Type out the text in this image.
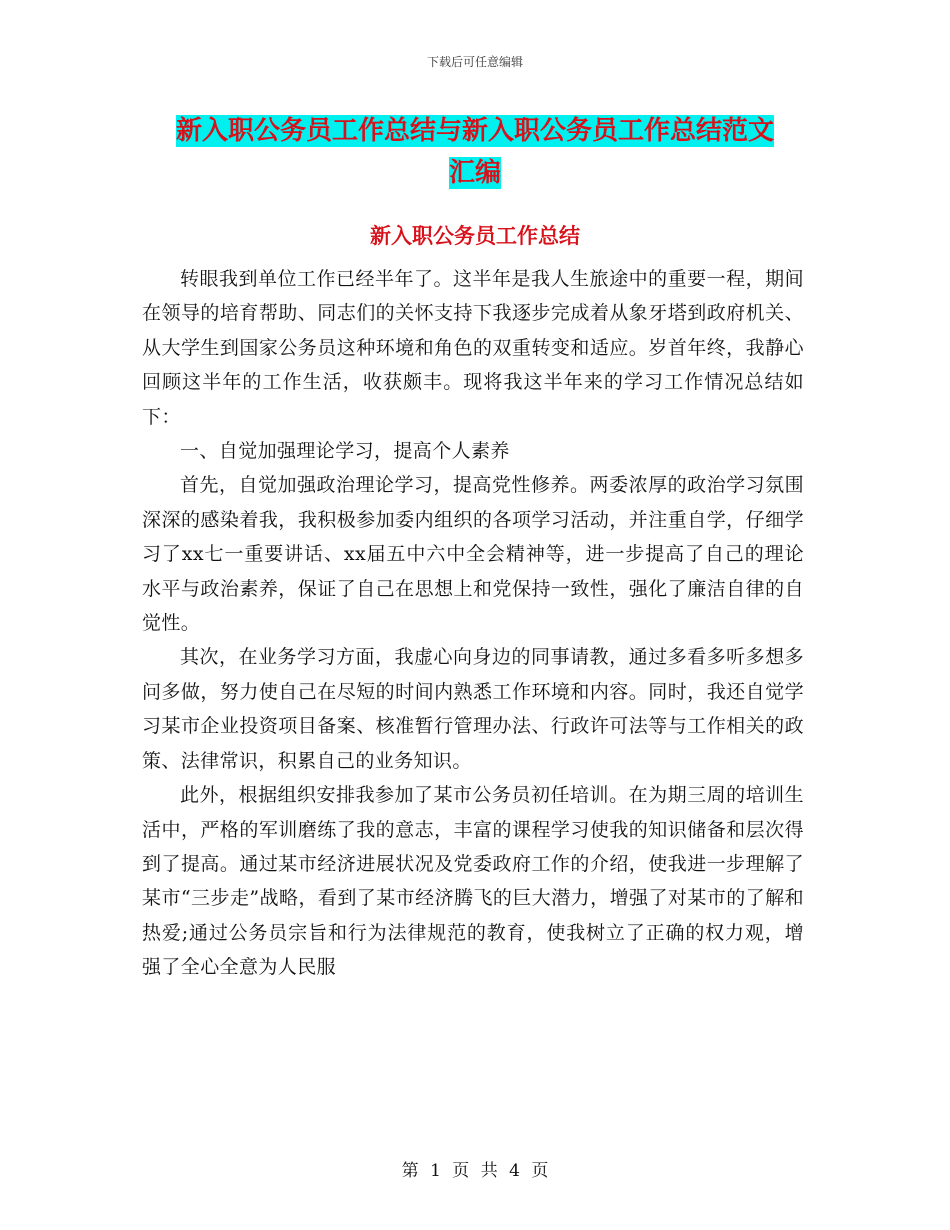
下载后可任意编辑
新入职公务员工作总结与新入职公务员工作总结范文
汇编
新入职公务员工作总结

转眼我到单位工作已经半年了。这半年是我人生旅途中的重要一程，期间在领导的培育帮助、同志们的关怀支持下我逐步完成着从象牙塔到政府机关、从大学生到国家公务员这种环境和角色的双重转变和适应。岁首年终，我静心回顾这半年的工作生活，收获颇丰。现将我这半年来的学习工作情况总结如下：

一、自觉加强理论学习，提高个人素养

首先，自觉加强政治理论学习，提高党性修养。两委浓厚的政治学习氛围深深的感染着我，我积极参加委内组织的各项学习活动，并注重自学，仔细学习了xx七一重要讲话、xx届五中六中全会精神等，进一步提高了自己的理论水平与政治素养，保证了自己在思想上和党保持一致性，强化了廉洁自律的自觉性。

其次，在业务学习方面，我虚心向身边的同事请教，通过多看多听多想多问多做，努力使自己在尽短的时间内熟悉工作环境和内容。同时，我还自觉学习某市企业投资项目备案、核准暂行管理办法、行政许可法等与工作相关的政策、法律常识，积累自己的业务知识。

此外，根据组织安排我参加了某市公务员初任培训。在为期三周的培训生活中，严格的军训磨练了我的意志，丰富的课程学习使我的知识储备和层次得到了提高。通过某市经济进展状况及党委政府工作的介绍，使我进一步理解了某市“三步走”战略，看到了某市经济腾飞的巨大潜力，增强了对某市的了解和热爱;通过公务员宗旨和行为法律规范的教育，使我树立了正确的权力观，增强了全心全意为人民服

第 1 页 共 4 页
